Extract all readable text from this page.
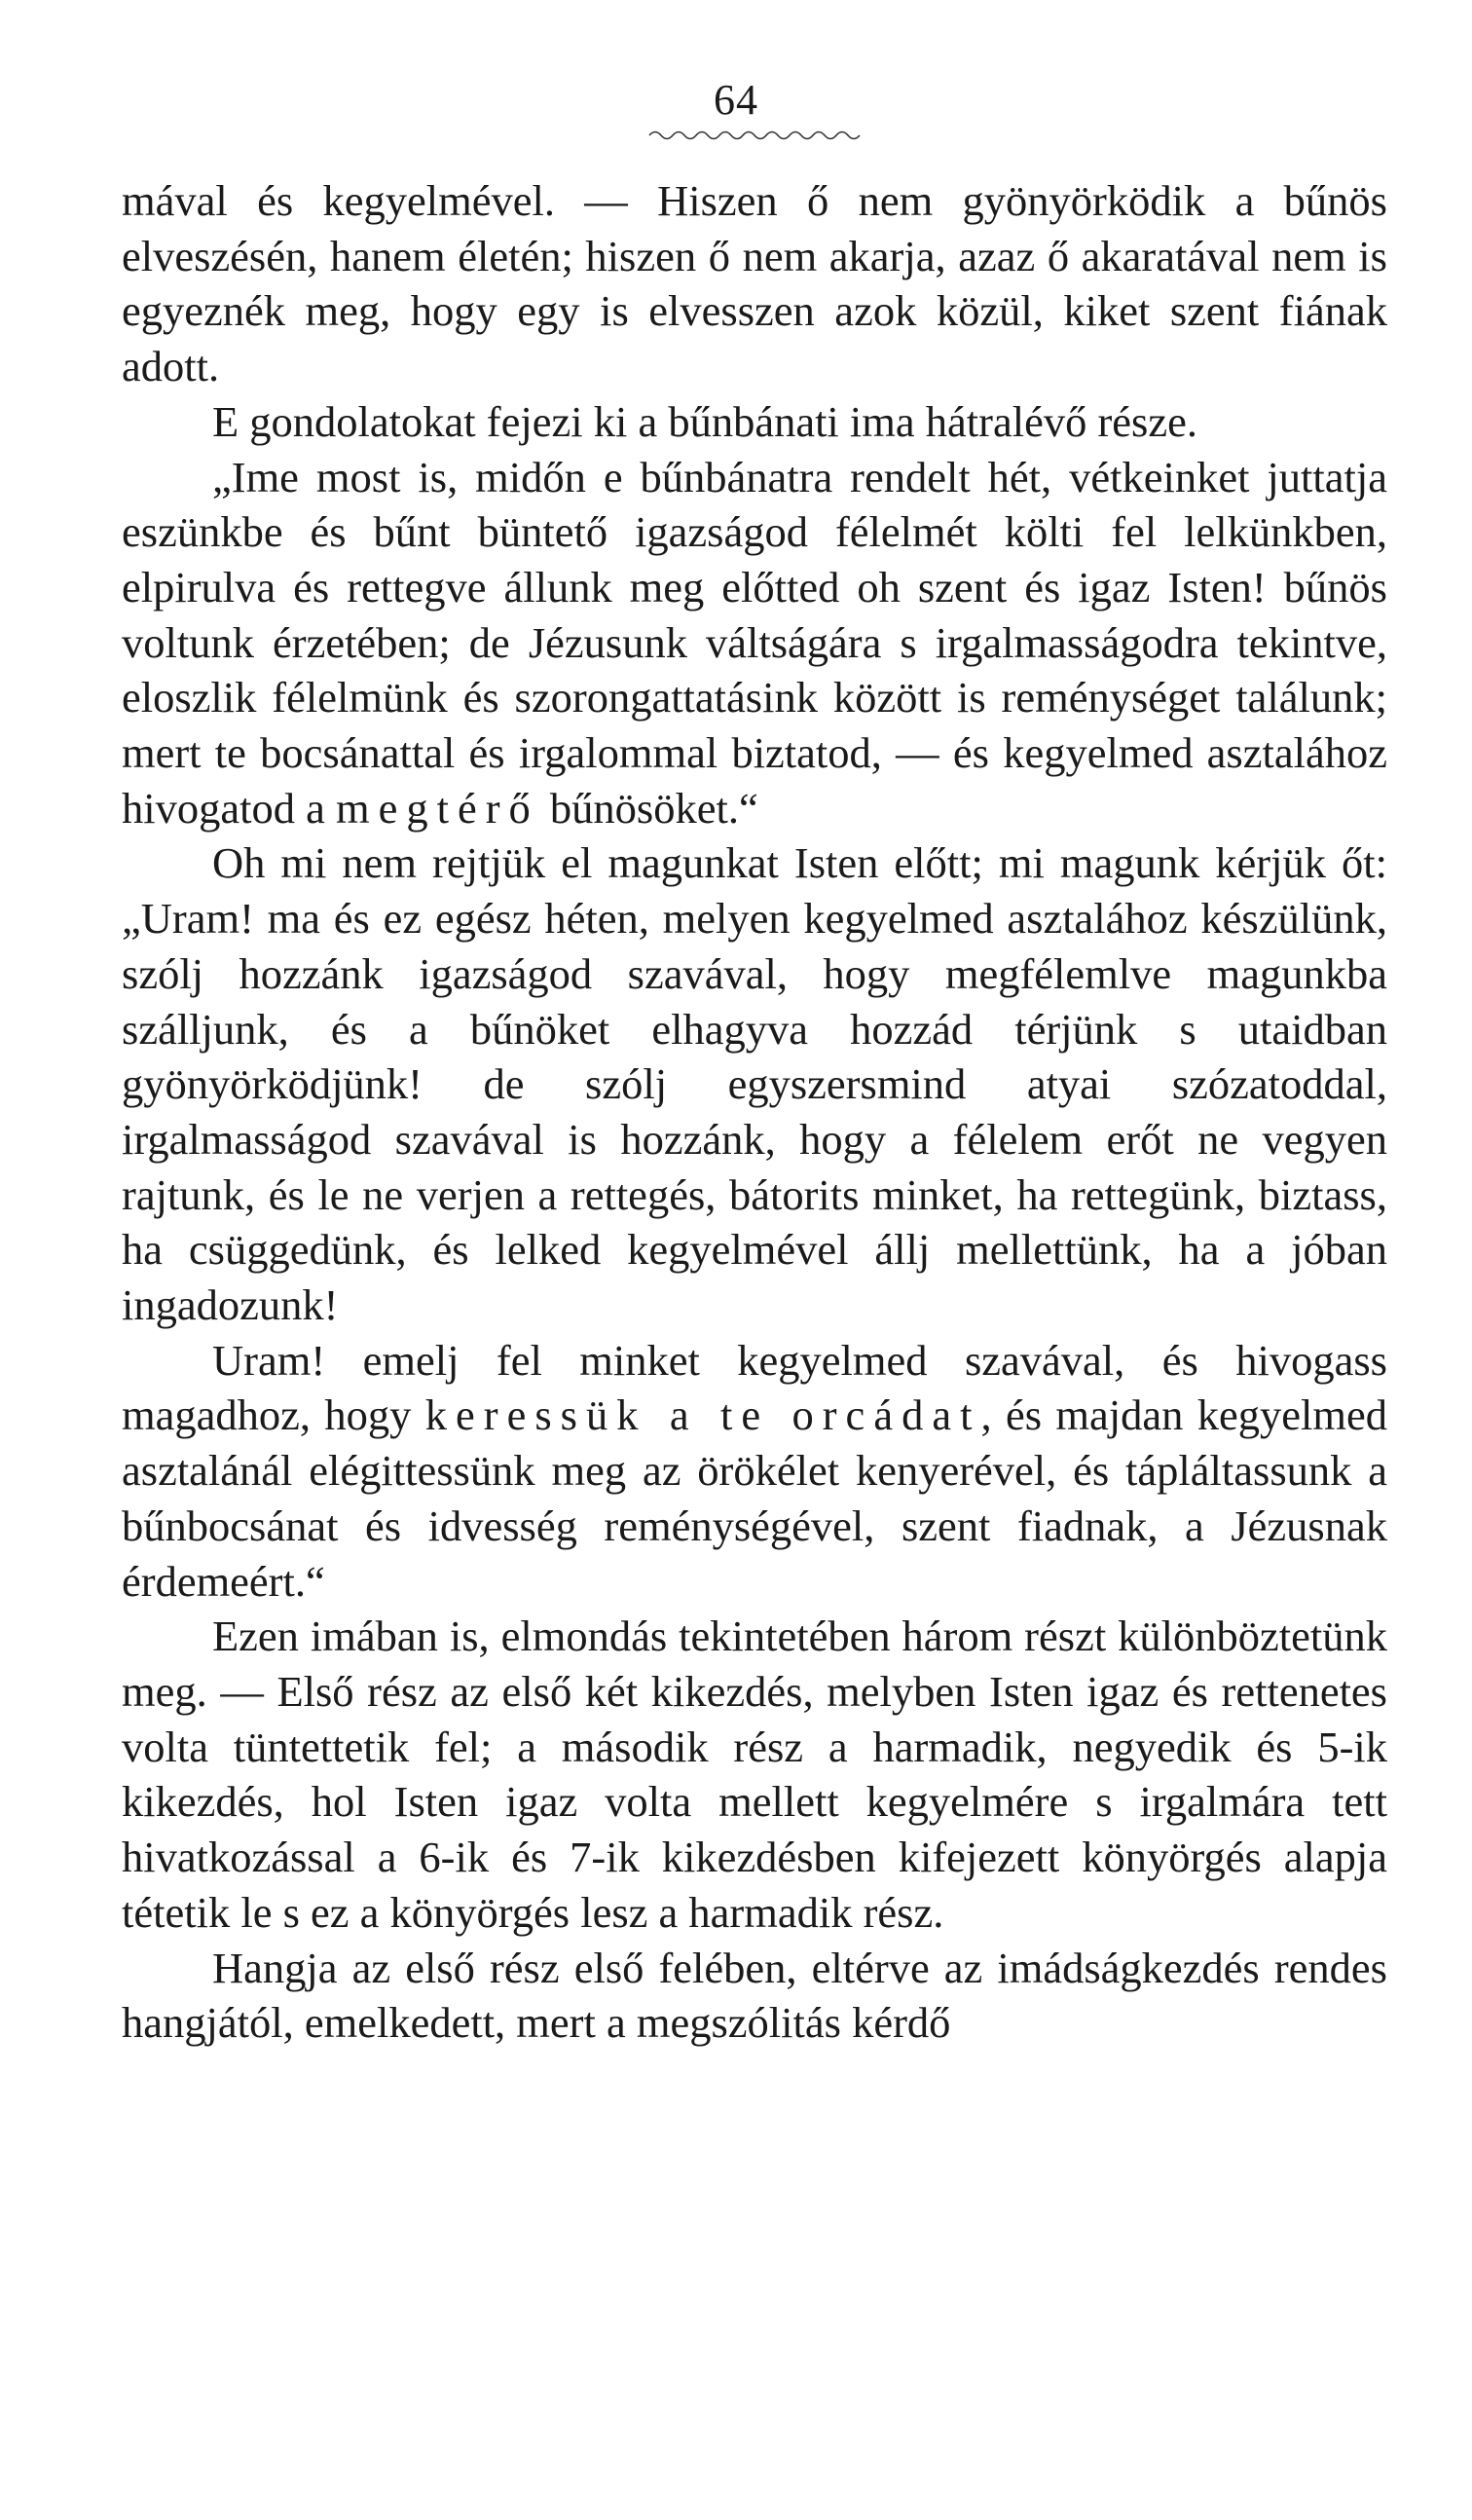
64

mával és kegyelmével. — Hiszen ő nem gyönyörködik a bűnös elveszésén, hanem életén; hiszen ő nem akarja, azaz ő akaratával nem is egyeznék meg, hogy egy is elvesszen azok közül, kiket szent fiának adott.

E gondolatokat fejezi ki a bűnbánati ima hátralévő része.

„Ime most is, midőn e bűnbánatra rendelt hét, vétkeinket juttatja eszünkbe és bűnt büntető igazságod félelmét költi fel lelkünkben, elpirulva és rettegve állunk meg előtted oh szent és igaz Isten! bűnös voltunk érzetében; de Jézusunk váltságára s irgalmasságodra tekintve, eloszlik félelmünk és szorongattatásink között is reménységet találunk; mert te bocsánattal és irgalommal biztatod, — és kegyelmed asztalához hivogatod a megtérő bűnösöket.“

Oh mi nem rejtjük el magunkat Isten előtt; mi magunk kérjük őt: „Uram! ma és ez egész héten, melyen kegyelmed asztalához készülünk, szólj hozzánk igazságod szavával, hogy megfélemlve magunkba szálljunk, és a bűnöket elhagyva hozzád térjünk s utaidban gyönyörködjünk! de szólj egyszersmind atyai szózatoddal, irgalmasságod szavával is hozzánk, hogy a félelem erőt ne vegyen rajtunk, és le ne verjen a rettegés, bátorits minket, ha rettegünk, biztass, ha csüggedünk, és lelked kegyelmével állj mellettünk, ha a jóban ingadozunk!

Uram! emelj fel minket kegyelmed szavával, és hivogass magadhoz, hogy keressük a te orcádat, és majdan kegyelmed asztalánál elégittessünk meg az örökélet kenyerével, és tápláltassunk a bűnbocsánat és idvesség reménységével, szent fiadnak, a Jézusnak érdemeért.“

Ezen imában is, elmondás tekintetében három részt különböztetünk meg. — Első rész az első két kikezdés, melyben Isten igaz és rettenetes volta tüntettetik fel; a második rész a harmadik, negyedik és 5-ik kikezdés, hol Isten igaz volta mellett kegyelmére s irgalmára tett hivatkozással a 6-ik és 7-ik kikezdésben kifejezett könyörgés alapja tétetik le s ez a könyörgés lesz a harmadik rész.

Hangja az első rész első felében, eltérve az imádságkezdés rendes hangjától, emelkedett, mert a megszólitás kérdő
